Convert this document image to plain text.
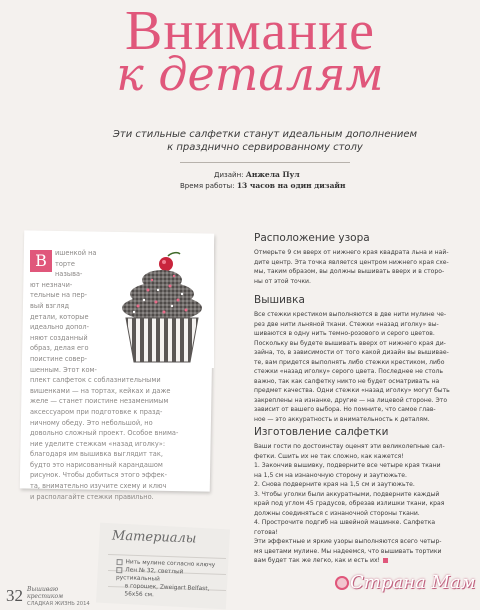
Внимание
к деталям
Эти стильные салфетки станут идеальным дополнением
к празднично сервированному столу
Дизайн: Анжела Пул
Время работы: 13 часов на один дизайн
В	ишенкой на
торте называ-
ют незначи-
тельные на пер-
вый взгляд
детали, которые
идеально допол-
няют созданный
образ, делая его
поистине совер-
шенным. Этот ком-
плект салфеток с соблазнительными
вишенками — на тортах, кейках и даже
желе — станет поистине незаменимым
аксессуаром при подготовке к празд-
ничному обеду. Это небольшой, но
довольно сложный проект. Особое внима-
ние уделите стежкам «назад иголку»:
благодаря им вышивка выглядит так,
будто это нарисованный карандашом
рисунок. Чтобы добиться этого эффек-
та, внимательно изучите схему и ключ
и располагайте стежки правильно.
Расположение узора
Отмерьте 9 см вверх от нижнего края квадрата льна и най-
дите центр. Эта точка является центром нижнего края схе-
мы, таким образом, вы должны вышивать вверх и в сторо-
ны от этой точки.
Вышивка
Все стежки крестиком выполняются в две нити мулине че-
рез две нити льняной ткани. Стежки «назад иголку» вы-
шиваются в одну нить темно-розового и серого цветов.
Поскольку вы будете вышивать вверх от нижнего края ди-
зайна, то, в зависимости от того какой дизайн вы вышивае-
те, вам придется выполнять либо стежки крестиком, либо
стежки «назад иголку» серого цвета. Последнее не столь
важно, так как салфетку никто не будет осматривать на
предмет качества. Одни стежки «назад иголку» могут быть
закреплены на изнанке, другие — на лицевой стороне. Это
зависит от вашего выбора. Но помните, что самое глав-
ное — это аккуратность и внимательность к деталям.
Изготовление салфетки
Ваши гости по достоинству оценят эти великолепные сал-
фетки. Сшить их не так сложно, как кажется!
1. Закончив вышивку, подверните все четыре края ткани
на 1,5 см на изнаночную сторону и заутюжьте.
2. Снова подверните края на 1,5 см и заутюжьте.
3. Чтобы уголки были аккуратными, подверните каждый
край под углом 45 градусов, обрезав излишки ткани, края
должны соединяться с изнаночной стороны ткани.
4. Прострочите подгиб на швейной машинке. Салфетка
готова!
Эти эффектные и яркие узоры выполняются всего четыр-
мя цветами мулине. Мы надеемся, что вышивать тортики
вам будет так же легко, как и есть их!
Материалы
Нить мулине согласно ключу
Лен № 32, светлый рустикальный
в горошек, Zweigart Belfast,
56x56 см.
32 Вышиваю
крестиком
СЛАДКАЯ ЖИЗНЬ 2014
Страна Мам
